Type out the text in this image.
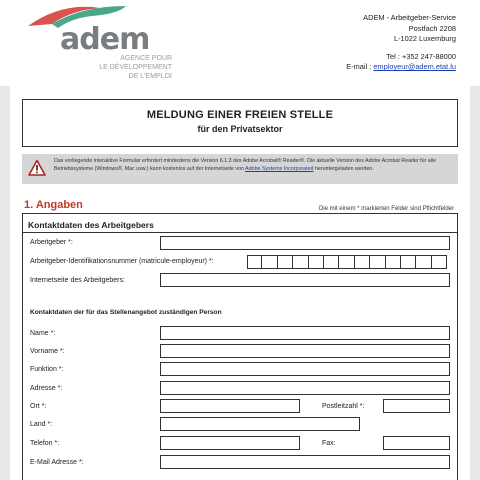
adem
AGENCE POUR
LE DÉVELOPPEMENT
DE L'EMPLOI
ADEM - Arbeitgeber-Service
Postfach 2208
L-1022 Luxemburg
Tel : +352 247-88000
E-mail : employeur@adem.etat.lu
MELDUNG EINER FREIEN STELLE
für den Privatsektor
Das vorliegende interaktive Formular erfordert mindestens die Version 6.1.3 des Adobe Acrobat® Reader®. Die aktuelle Version des Adobe Acrobat Reader für alle Betriebssysteme (Windows®, Mac usw.) kann kostenlos auf der Internetseite von Adobe Systems Incorporated heruntergeladen werden.
1. Angaben	Die mit einem * markierten Felder sind Pflichtfelder
Kontaktdaten des Arbeitgebers
Arbeitgeber *:
Arbeitgeber-Identifikationsnummer (matricule-employeur) *:
Internetseite des Arbeitgebers:
Kontaktdaten der für das Stellenangebot zuständigen Person
Name *:
Vorname *:
Funktion *:
Adresse *:
Ort *:	Postleitzahl *:
Land *:
Telefon *:	Fax:
E-Mail Adresse *:
